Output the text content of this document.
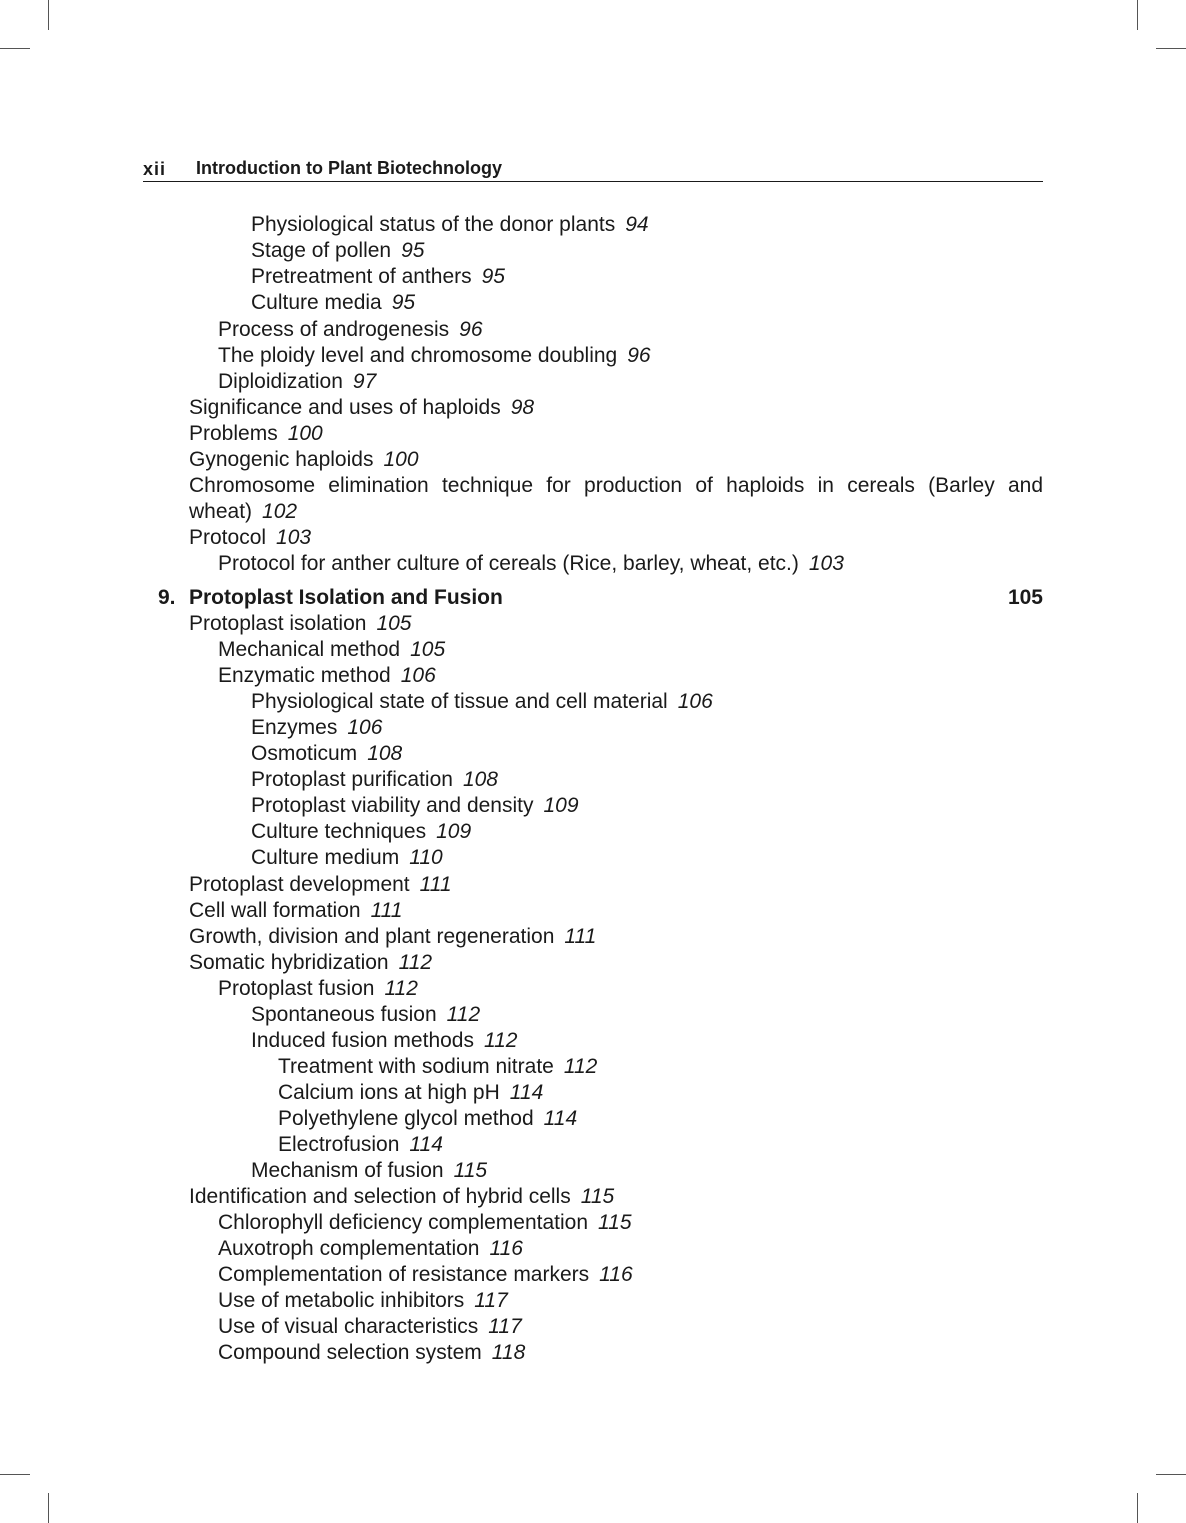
xii Introduction to Plant Biotechnology
Physiological status of the donor plants 94
Stage of pollen 95
Pretreatment of anthers 95
Culture media 95
Process of androgenesis 96
The ploidy level and chromosome doubling 96
Diploidization 97
Significance and uses of haploids 98
Problems 100
Gynogenic haploids 100
Chromosome elimination technique for production of haploids in cereals (Barley and
wheat) 102
Protocol 103
Protocol for anther culture of cereals (Rice, barley, wheat, etc.) 103
9. Protoplast Isolation and Fusion	105
Protoplast isolation 105
Mechanical method 105
Enzymatic method 106
Physiological state of tissue and cell material 106
Enzymes 106
Osmoticum 108
Protoplast purification 108
Protoplast viability and density 109
Culture techniques 109
Culture medium 110
Protoplast development 111
Cell wall formation 111
Growth, division and plant regeneration 111
Somatic hybridization 112
Protoplast fusion 112
Spontaneous fusion 112
Induced fusion methods 112
Treatment with sodium nitrate 112
Calcium ions at high pH 114
Polyethylene glycol method 114
Electrofusion 114
Mechanism of fusion 115
Identification and selection of hybrid cells 115
Chlorophyll deficiency complementation 115
Auxotroph complementation 116
Complementation of resistance markers 116
Use of metabolic inhibitors 117
Use of visual characteristics 117
Compound selection system 118
